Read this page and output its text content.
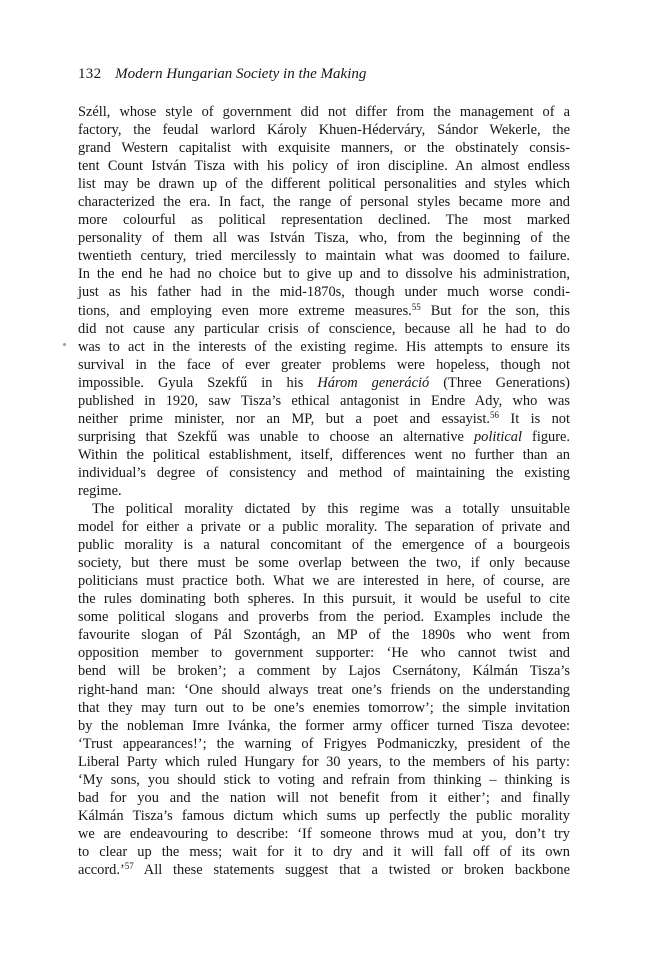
132 Modern Hungarian Society in the Making
Széll, whose style of government did not differ from the management of a
factory, the feudal warlord Károly Khuen-Héderváry, Sándor Wekerle, the
grand Western capitalist with exquisite manners, or the obstinately consis-
tent Count István Tisza with his policy of iron discipline. An almost endless
list may be drawn up of the different political personalities and styles which
characterized the era. In fact, the range of personal styles became more and
more colourful as political representation declined. The most marked
personality of them all was István Tisza, who, from the beginning of the
twentieth century, tried mercilessly to maintain what was doomed to failure.
In the end he had no choice but to give up and to dissolve his administration,
just as his father had in the mid-1870s, though under much worse condi-
tions, and employing even more extreme measures.$^{55}$ But for the son, this
did not cause any particular crisis of conscience, because all he had to do
was to act in the interests of the existing regime. His attempts to ensure its
survival in the face of ever greater problems were hopeless, though not
impossible. Gyula Szekfű in his Három generáció (Three Generations)
published in 1920, saw Tisza’s ethical antagonist in Endre Ady, who was
neither prime minister, nor an MP, but a poet and essayist.$^{56}$ It is not
surprising that Szekfű was unable to choose an alternative political figure.
Within the political establishment, itself, differences went no further than an
individual’s degree of consistency and method of maintaining the existing
regime.
The political morality dictated by this regime was a totally unsuitable
model for either a private or a public morality. The separation of private and
public morality is a natural concomitant of the emergence of a bourgeois
society, but there must be some overlap between the two, if only because
politicians must practice both. What we are interested in here, of course, are
the rules dominating both spheres. In this pursuit, it would be useful to cite
some political slogans and proverbs from the period. Examples include the
favourite slogan of Pál Szontágh, an MP of the 1890s who went from
opposition member to government supporter: ‘He who cannot twist and
bend will be broken’; a comment by Lajos Csernátony, Kálmán Tisza’s
right-hand man: ‘One should always treat one’s friends on the understanding
that they may turn out to be one’s enemies tomorrow’; the simple invitation
by the nobleman Imre Ivánka, the former army officer turned Tisza devotee:
‘Trust appearances!’; the warning of Frigyes Podmaniczky, president of the
Liberal Party which ruled Hungary for 30 years, to the members of his party:
‘My sons, you should stick to voting and refrain from thinking – thinking is
bad for you and the nation will not benefit from it either’; and finally
Kálmán Tisza’s famous dictum which sums up perfectly the public morality
we are endeavouring to describe: ‘If someone throws mud at you, don’t try
to clear up the mess; wait for it to dry and it will fall off of its own
accord.’$^{57}$ All these statements suggest that a twisted or broken backbone
